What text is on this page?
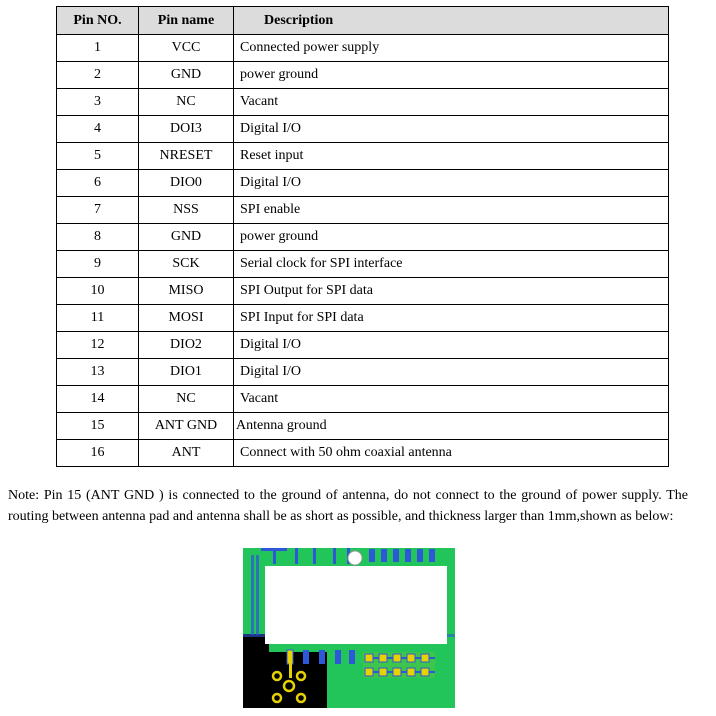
Pin NO.	Pin name	Description
1	VCC	Connected power supply
2	GND	power ground
3	NC	Vacant
4	DOI3	Digital I/O
5	NRESET	Reset input
6	DIO0	Digital I/O
7	NSS	SPI enable
8	GND	power ground
9	SCK	Serial clock for SPI interface
10	MISO	SPI Output for SPI data
11	MOSI	SPI Input for SPI data
12	DIO2	Digital I/O
13	DIO1	Digital I/O
14	NC	Vacant
15	ANT GND	Antenna ground
16	ANT	Connect with 50 ohm coaxial antenna
Note: Pin 15 (ANT GND ) is connected to the ground of antenna, do not connect to the ground of power supply. The routing between antenna pad and antenna shall be as short as possible, and thickness larger than 1mm,shown as below:
